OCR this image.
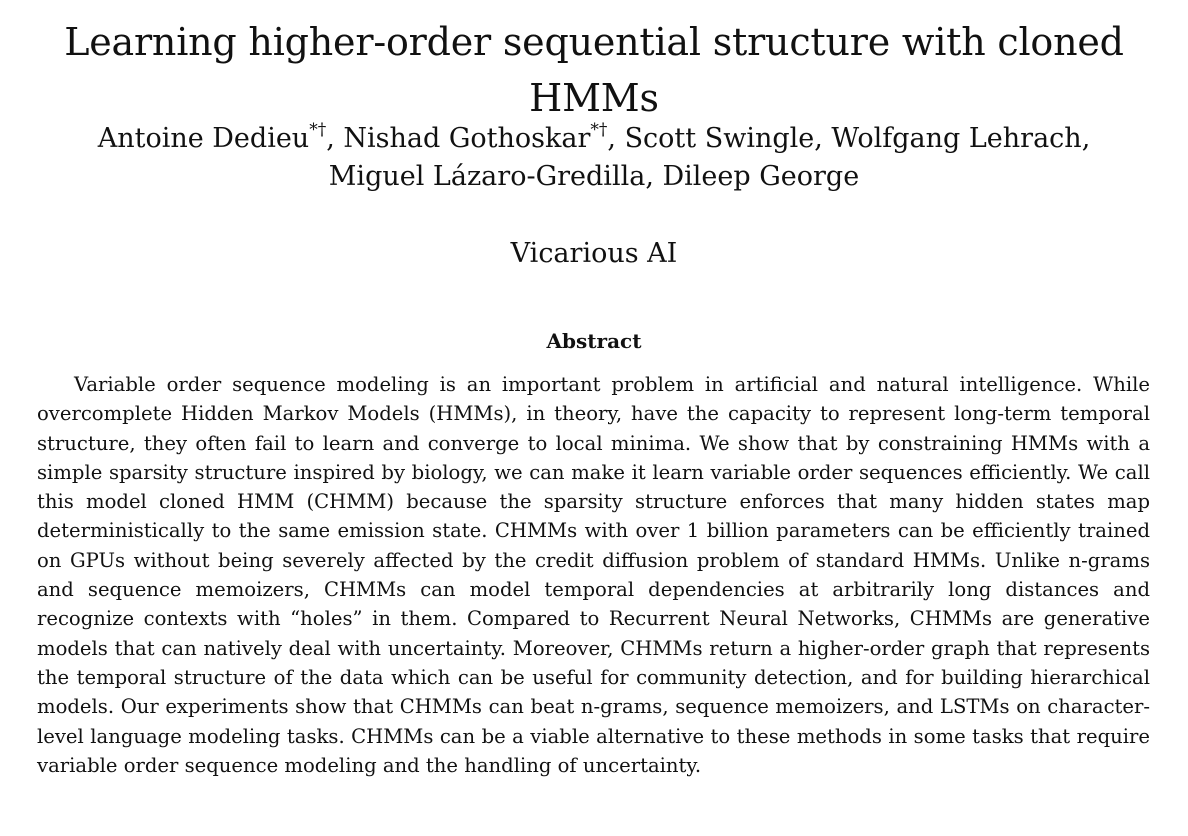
Learning higher-order sequential structure with cloned HMMs
Antoine Dedieu*†, Nishad Gothoskar*†, Scott Swingle, Wolfgang Lehrach,
Miguel Lázaro-Gredilla, Dileep George
Vicarious AI
Abstract

Variable order sequence modeling is an important problem in artificial and natural intelligence. While overcomplete Hidden Markov Models (HMMs), in theory, have the capacity to represent long-term temporal structure, they often fail to learn and converge to local minima. We show that by constraining HMMs with a simple sparsity structure inspired by biology, we can make it learn variable order sequences efficiently. We call this model cloned HMM (CHMM) because the sparsity structure enforces that many hidden states map deterministically to the same emission state. CHMMs with over 1 billion parameters can be efficiently trained on GPUs without being severely affected by the credit diffusion problem of standard HMMs. Unlike n-grams and sequence memoizers, CHMMs can model temporal dependencies at arbitrarily long distances and recognize contexts with “holes” in them. Compared to Recurrent Neural Networks, CHMMs are generative models that can natively deal with uncertainty. Moreover, CHMMs return a higher-order graph that represents the temporal structure of the data which can be useful for community detection, and for building hierarchical models. Our experiments show that CHMMs can beat n-grams, sequence memoizers, and LSTMs on character-level language modeling tasks. CHMMs can be a viable alternative to these methods in some tasks that require variable order sequence modeling and the handling of uncertainty.
